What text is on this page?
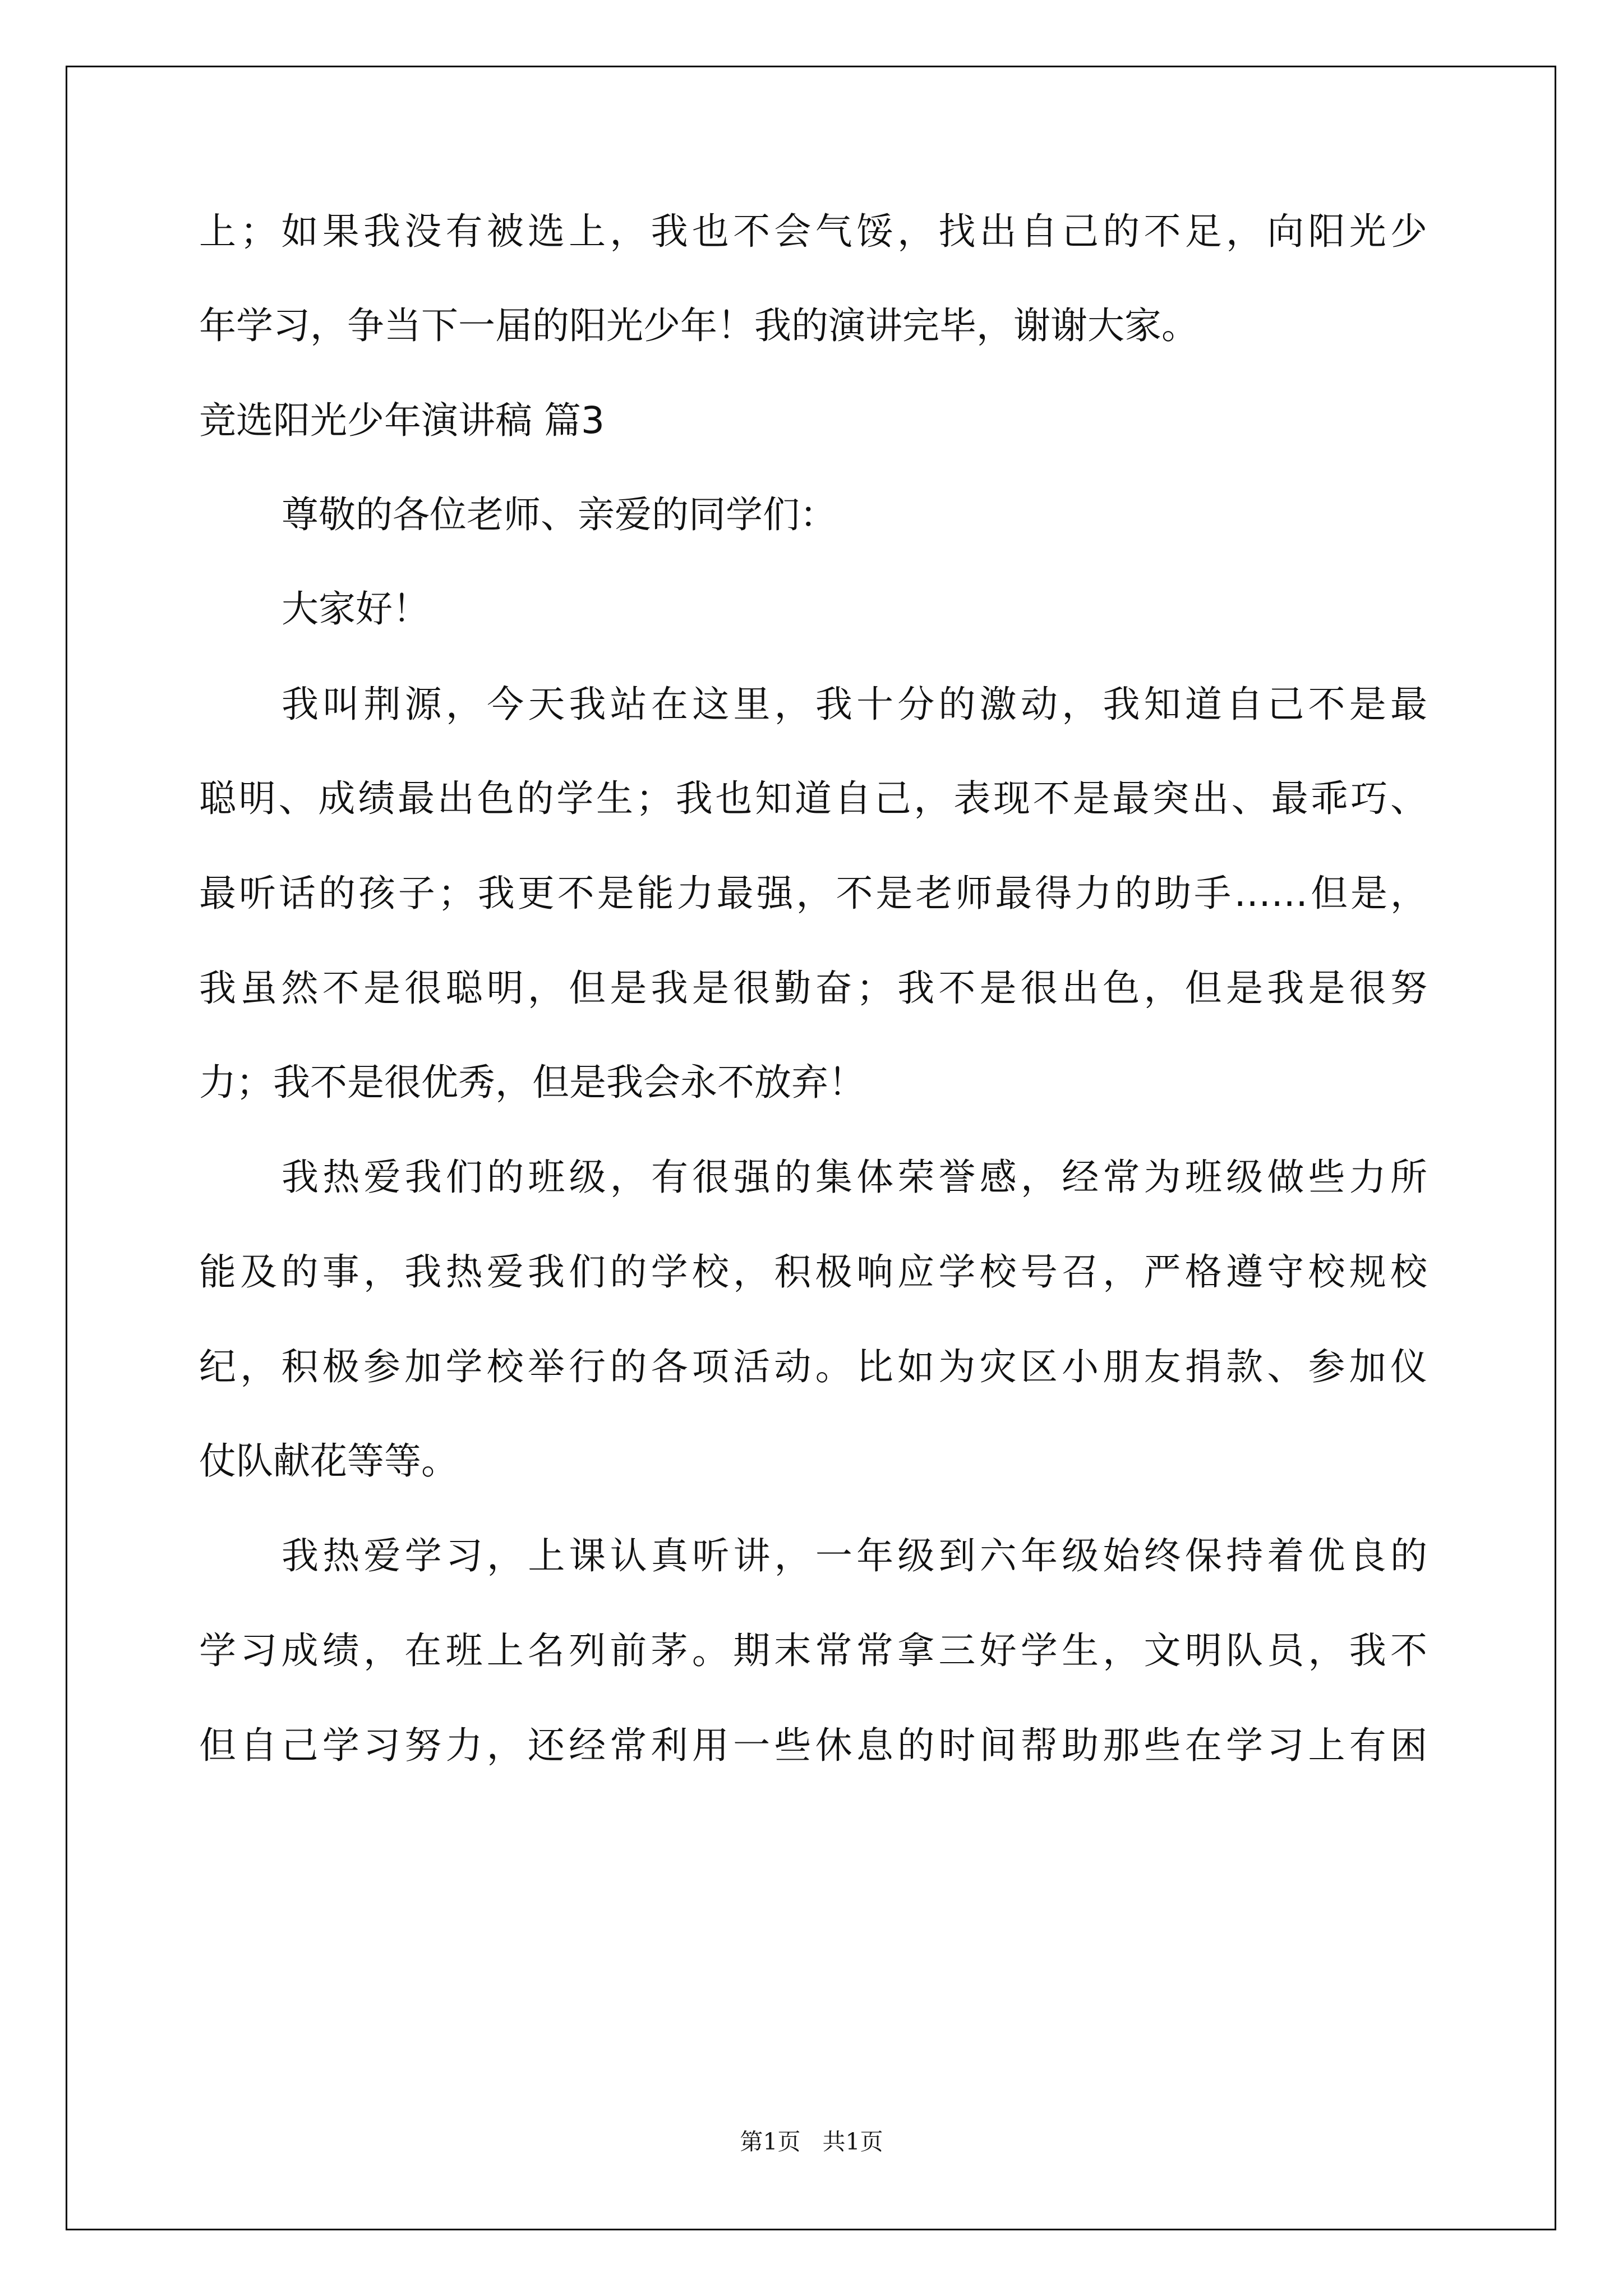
上；如果我没有被选上，我也不会气馁，找出自己的不足，向阳光少
年学习，争当下一届的阳光少年！我的演讲完毕，谢谢大家。
竞选阳光少年演讲稿 篇3
尊敬的各位老师、亲爱的同学们：
大家好！
我叫荆源，今天我站在这里，我十分的激动，我知道自己不是最
聪明、成绩最出色的学生；我也知道自己，表现不是最突出、最乖巧、
最听话的孩子；我更不是能力最强，不是老师最得力的助手……但是，
我虽然不是很聪明，但是我是很勤奋；我不是很出色，但是我是很努
力；我不是很优秀，但是我会永不放弃！
我热爱我们的班级，有很强的集体荣誉感，经常为班级做些力所
能及的事，我热爱我们的学校，积极响应学校号召，严格遵守校规校
纪，积极参加学校举行的各项活动。比如为灾区小朋友捐款、参加仪
仗队献花等等。
我热爱学习，上课认真听讲，一年级到六年级始终保持着优良的
学习成绩，在班上名列前茅。期末常常拿三好学生，文明队员，我不
但自己学习努力，还经常利用一些休息的时间帮助那些在学习上有困
第1页   共1页
